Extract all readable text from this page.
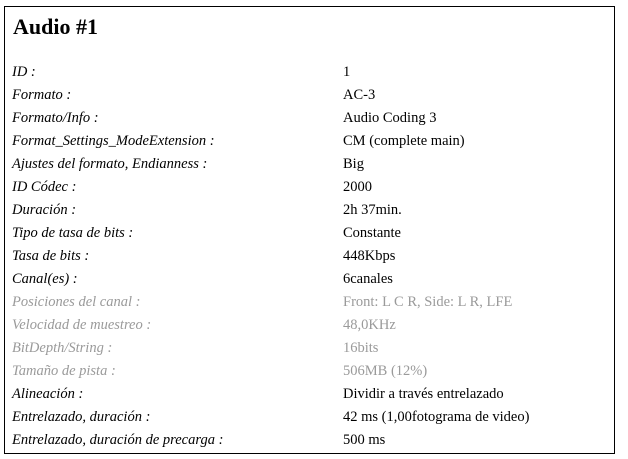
Audio #1
ID :	1
Formato :	AC-3
Formato/Info :	Audio Coding 3
Format_Settings_ModeExtension :	CM (complete main)
Ajustes del formato, Endianness :	Big
ID Códec :	2000
Duración :	2h 37min.
Tipo de tasa de bits :	Constante
Tasa de bits :	448Kbps
Canal(es) :	6canales
Posiciones del canal :	Front: L C R, Side: L R, LFE
Velocidad de muestreo :	48,0KHz
BitDepth/String :	16bits
Tamaño de pista :	506MB (12%)
Alineación :	Dividir a través entrelazado
Entrelazado, duración :	42 ms (1,00fotograma de video)
Entrelazado, duración de precarga :	500 ms
